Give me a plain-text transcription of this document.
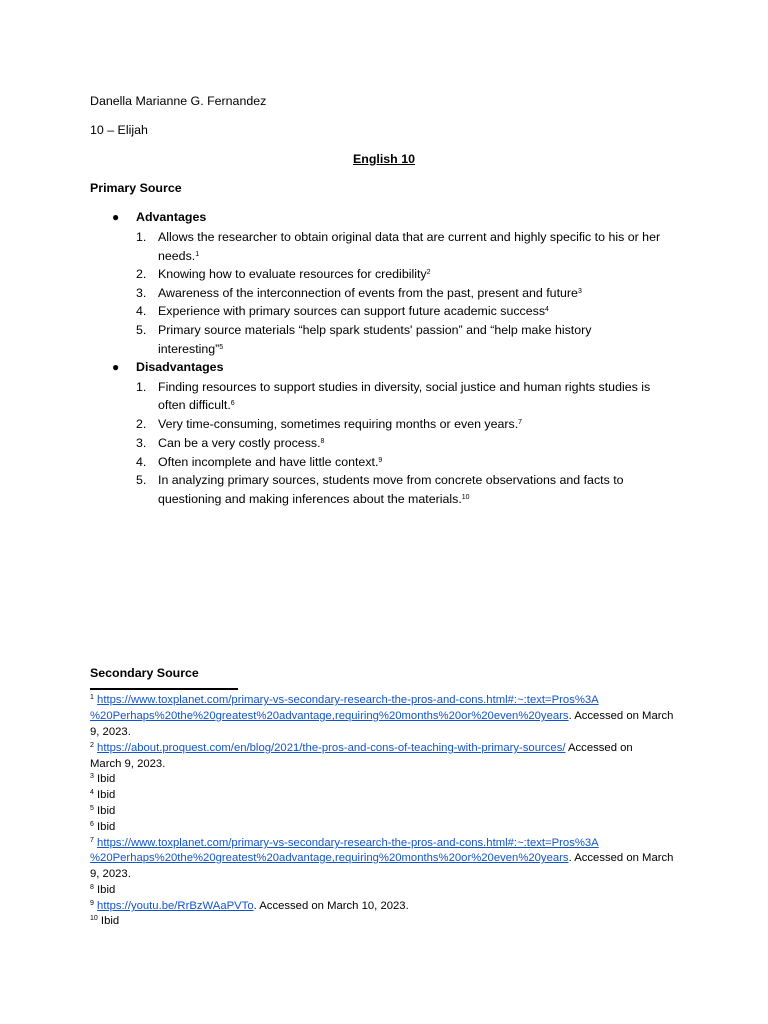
Danella Marianne G. Fernandez
10 – Elijah
English 10
Primary Source
● Advantages
1. Allows the researcher to obtain original data that are current and highly specific to his or her
needs.$^1$
2. Knowing how to evaluate resources for credibility$^2$
3. Awareness of the interconnection of events from the past, present and future$^3$
4. Experience with primary sources can support future academic success$^4$
5. Primary source materials “help spark students' passion” and “help make history
interesting”$^5$
● Disadvantages
1. Finding resources to support studies in diversity, social justice and human rights studies is
often difficult.$^6$
2. Very time-consuming, sometimes requiring months or even years.$^7$
3. Can be a very costly process.$^8$
4. Often incomplete and have little context.$^9$
5. In analyzing primary sources, students move from concrete observations and facts to
questioning and making inferences about the materials.$^{10}$
Secondary Source
$^1$ https://www.toxplanet.com/primary-vs-secondary-research-the-pros-and-cons.html#:~:text=Pros%3A
%20Perhaps%20the%20greatest%20advantage,requiring%20months%20or%20even%20years. Accessed on March
9, 2023.
$^2$ https://about.proquest.com/en/blog/2021/the-pros-and-cons-of-teaching-with-primary-sources/ Accessed on
March 9, 2023.
$^3$ Ibid
$^4$ Ibid
$^5$ Ibid
$^6$ Ibid
$^7$ https://www.toxplanet.com/primary-vs-secondary-research-the-pros-and-cons.html#:~:text=Pros%3A
%20Perhaps%20the%20greatest%20advantage,requiring%20months%20or%20even%20years. Accessed on March
9, 2023.
$^8$ Ibid
$^9$ https://youtu.be/RrBzWAaPVTo. Accessed on March 10, 2023.
$^{10}$ Ibid
